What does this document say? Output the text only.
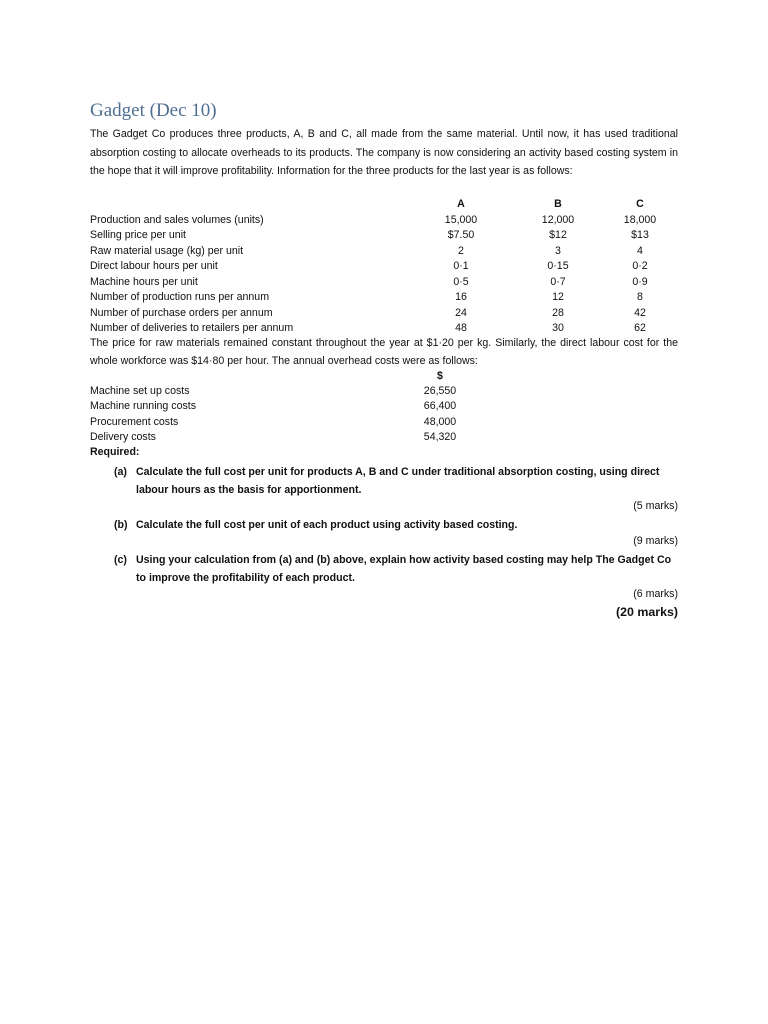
Gadget (Dec 10)

The Gadget Co produces three products, A, B and C, all made from the same material. Until now, it has used traditional absorption costing to allocate overheads to its products. The company is now considering an activity based costing system in the hope that it will improve profitability. Information for the three products for the last year is as follows:

	A	B	C
Production and sales volumes (units)	15,000	12,000	18,000
Selling price per unit	$7.50	$12	$13
Raw material usage (kg) per unit	2	3	4
Direct labour hours per unit	0·1	0·15	0·2
Machine hours per unit	0·5	0·7	0·9
Number of production runs per annum	16	12	8
Number of purchase orders per annum	24	28	42
Number of deliveries to retailers per annum	48	30	62

The price for raw materials remained constant throughout the year at $1·20 per kg. Similarly, the direct labour cost for the whole workforce was $14·80 per hour. The annual overhead costs were as follows:

	$
Machine set up costs	26,550
Machine running costs	66,400
Procurement costs	48,000
Delivery costs	54,320

Required:

(a) Calculate the full cost per unit for products A, B and C under traditional absorption costing, using direct labour hours as the basis for apportionment.
(5 marks)
(b) Calculate the full cost per unit of each product using activity based costing.
(9 marks)
(c) Using your calculation from (a) and (b) above, explain how activity based costing may help The Gadget Co to improve the profitability of each product.
(6 marks)
(20 marks)
